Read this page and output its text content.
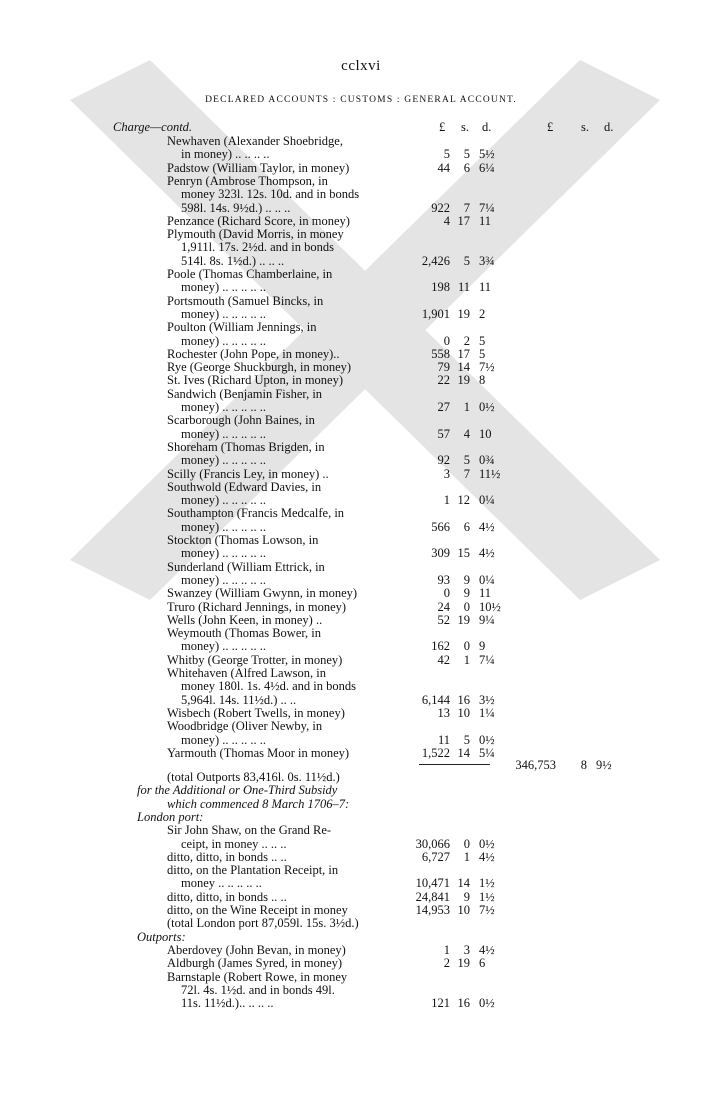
cclxvi
DECLARED ACCOUNTS : CUSTOMS : GENERAL ACCOUNT.
Charge—contd.	£ s. d.	£ s. d.
Newhaven (Alexander Shoebridge,
in money) .. .. .. ..	5	5 5½
Padstow (William Taylor, in money)	44	6 6¼
Penryn (Ambrose Thompson, in
money 323l. 12s. 10d. and in bonds
598l. 14s. 9½d.) .. .. ..	922	7 7¼
Penzance (Richard Score, in money)	4 17 11
Plymouth (David Morris, in money
1,911l. 17s. 2½d. and in bonds
514l. 8s. 1½d.) .. .. ..	2,426	5 3¾
Poole (Thomas Chamberlaine, in
money) .. .. .. .. ..	198 11 11
Portsmouth (Samuel Bincks, in
money) .. .. .. .. ..	1,901 19 2
Poulton (William Jennings, in
money) .. .. .. .. ..	0	2 5
Rochester (John Pope, in money)..	558 17 5
Rye (George Shuckburgh, in money)	79 14 7½
St. Ives (Richard Upton, in money)	22 19 8
Sandwich (Benjamin Fisher, in
money) .. .. .. .. ..	27	1 0½
Scarborough (John Baines, in
money) .. .. .. .. ..	57	4 10
Shoreham (Thomas Brigden, in
money) .. .. .. .. ..	92	5 0¾
Scilly (Francis Ley, in money) ..	3	7 11½
Southwold (Edward Davies, in
money) .. .. .. .. ..	1 12 0¼
Southampton (Francis Medcalfe, in
money) .. .. .. .. ..	566	6 4½
Stockton (Thomas Lowson, in
money) .. .. .. .. ..	309 15 4½
Sunderland (William Ettrick, in
money) .. .. .. .. ..	93	9 0¼
Swanzey (William Gwynn, in money)	0	9 11
Truro (Richard Jennings, in money)	24	0 10½
Wells (John Keen, in money) ..	52 19 9¼
Weymouth (Thomas Bower, in
money) .. .. .. .. ..	162	0 9
Whitby (George Trotter, in money)	42	1 7¼
Whitehaven (Alfred Lawson, in
money 180l. 1s. 4½d. and in bonds
5,964l. 14s. 11½d.) .. ..	6,144 16 3½
Wisbech (Robert Twells, in money)	13 10 1¼
Woodbridge (Oliver Newby, in
money) .. .. .. .. ..	11	5 0½
Yarmouth (Thomas Moor in money)	1,522 14 5¼
(total Outports 83,416l. 0s. 11½d.)
for the Additional or One-Third Subsidy
which commenced 8 March 1706–7:
London port:
Sir John Shaw, on the Grand Re-
ceipt, in money .. .. ..	30,066	0 0½
ditto, ditto, in bonds .. ..	6,727	1 4½
ditto, on the Plantation Receipt, in
money .. .. .. .. ..	10,471 14 1½
ditto, ditto, in bonds .. ..	24,841	9 1½
ditto, on the Wine Receipt in money	14,953 10 7½
(total London port 87,059l. 15s. 3½d.)
Outports:
Aberdovey (John Bevan, in money)	1	3 4½
Aldburgh (James Syred, in money)	2 19 6
Barnstaple (Robert Rowe, in money
72l. 4s. 1½d. and in bonds 49l.
11s. 11½d.).. .. .. ..	121 16 0½
346,753	8 9½
